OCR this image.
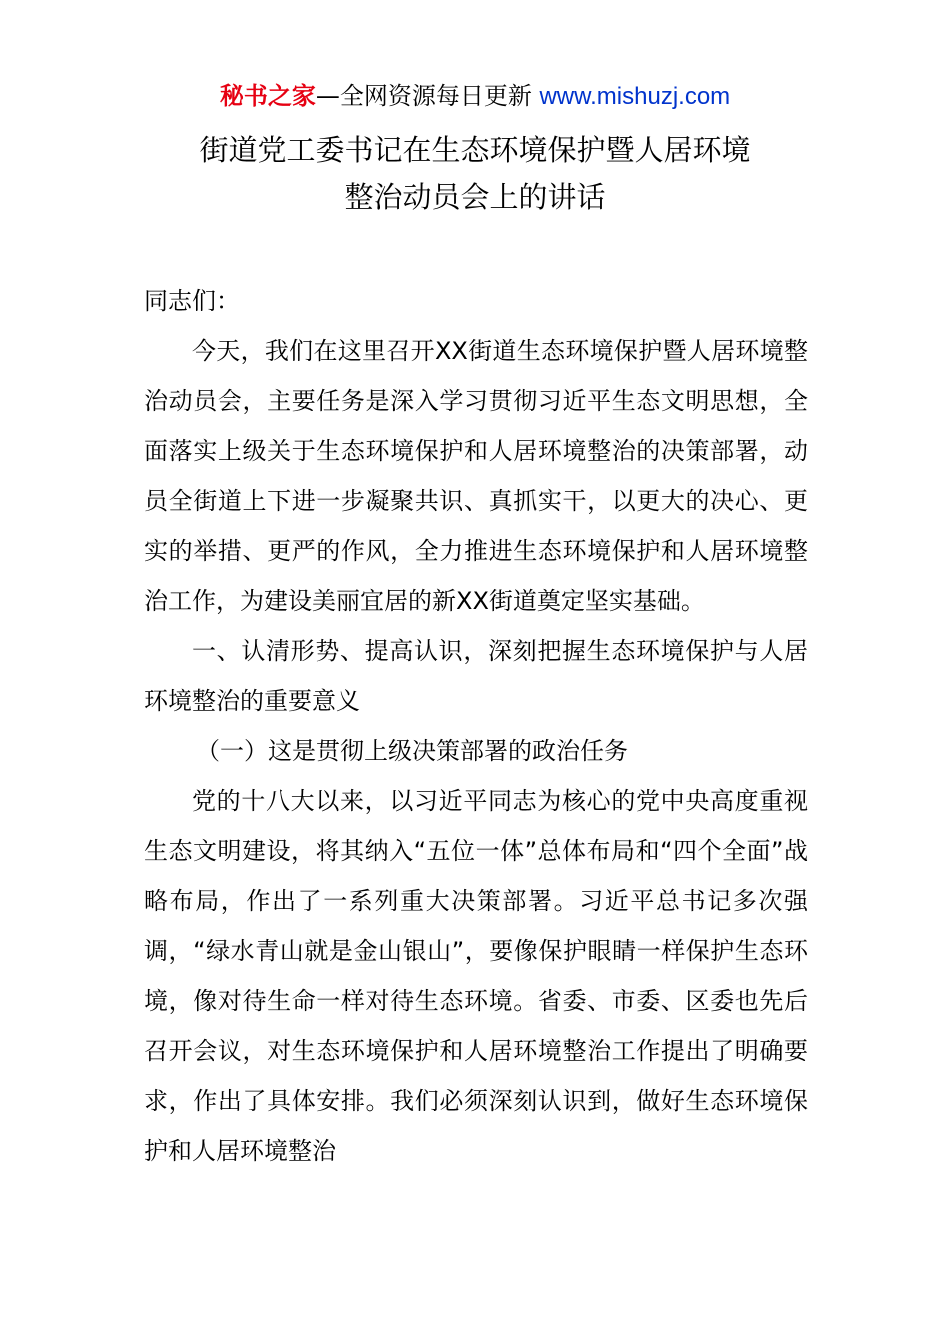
秘书之家—全网资源每日更新 www.mishuzj.com
街道党工委书记在生态环境保护暨人居环境
整治动员会上的讲话

同志们：

今天，我们在这里召开XX街道生态环境保护暨人居环境整治动员会，主要任务是深入学习贯彻习近平生态文明思想，全面落实上级关于生态环境保护和人居环境整治的决策部署，动员全街道上下进一步凝聚共识、真抓实干，以更大的决心、更实的举措、更严的作风，全力推进生态环境保护和人居环境整治工作，为建设美丽宜居的新XX街道奠定坚实基础。

一、认清形势、提高认识，深刻把握生态环境保护与人居环境整治的重要意义

（一）这是贯彻上级决策部署的政治任务

党的十八大以来，以习近平同志为核心的党中央高度重视生态文明建设，将其纳入“五位一体”总体布局和“四个全面”战略布局，作出了一系列重大决策部署。习近平总书记多次强调，“绿水青山就是金山银山”，要像保护眼睛一样保护生态环境，像对待生命一样对待生态环境。省委、市委、区委也先后召开会议，对生态环境保护和人居环境整治工作提出了明确要求，作出了具体安排。我们必须深刻认识到，做好生态环境保护和人居环境整治
